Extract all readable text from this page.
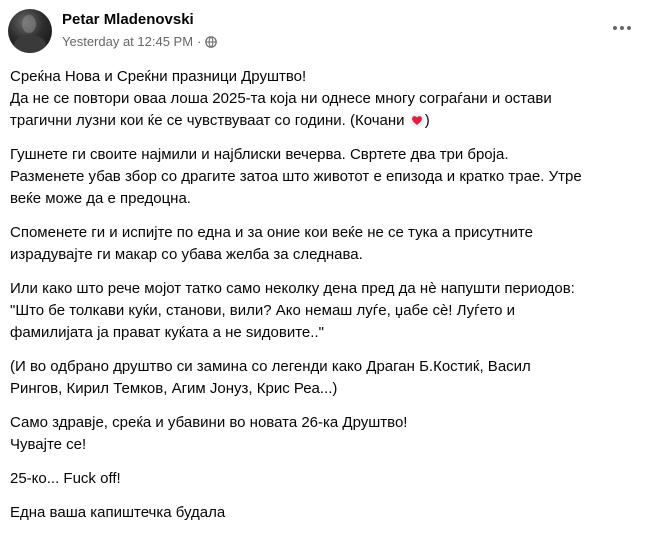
Petar Mladenovski
Yesterday at 12:45 PM ·
Среќна Нова и Среќни празници Друштво!
Да не се повтори оваа лоша 2025-та која ни однесе многу сограѓани и остави
трагични лузни кои ќе се чувствуваат со години. (Кочани )
Гушнете ги своите најмили и најблиски вечерва. Свртете два три броја.
Разменете убав збор со драгите затоа што животот е епизода и кратко трае. Утре
веќе може да е предоцна.
Споменете ги и испијте по една и за оние кои веќе не се тука а присутните
израдувајте ги макар со убава желба за следнава.
Или како што рече мојот татко само неколку дена пред да нѐ напушти периодов:
"Што бе толкави куќи, станови, вили? Ако немаш луѓе, џабе сѐ! Луѓето и
фамилијата ја прават куќата а не ѕидовите.."
(И во одбрано друштво си замина со легенди како Драган Б.Костиќ, Васил
Рингов, Кирил Темков, Агим Јонуз, Крис Реа...)
Само здравје, среќа и убавини во новата 26-ка Друштво!
Чувајте се!
25-ко... Fuck off!
Една ваша капиштечка будала
